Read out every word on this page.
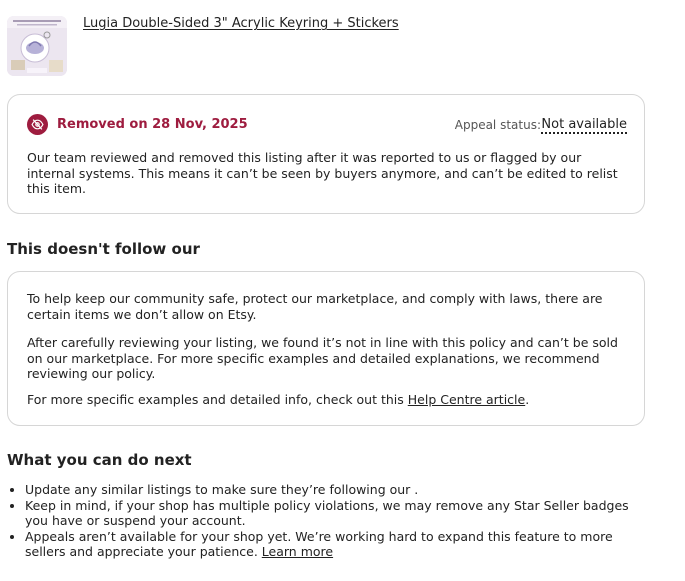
Lugia Double-Sided 3" Acrylic Keyring + Stickers
Removed on 28 Nov, 2025	Appeal status: Not available

Our team reviewed and removed this listing after it was reported to us or flagged by our internal systems. This means it can’t be seen by buyers anymore, and can’t be edited to relist this item.

This doesn't follow our

To help keep our community safe, protect our marketplace, and comply with laws, there are certain items we don’t allow on Etsy.

After carefully reviewing your listing, we found it’s not in line with this policy and can’t be sold on our marketplace. For more specific examples and detailed explanations, we recommend reviewing our policy.

For more specific examples and detailed info, check out this Help Centre article.

What you can do next
Update any similar listings to make sure they’re following our .
Keep in mind, if your shop has multiple policy violations, we may remove any Star Seller badges you have or suspend your account.
Appeals aren’t available for your shop yet. We’re working hard to expand this feature to more sellers and appreciate your patience. Learn more
